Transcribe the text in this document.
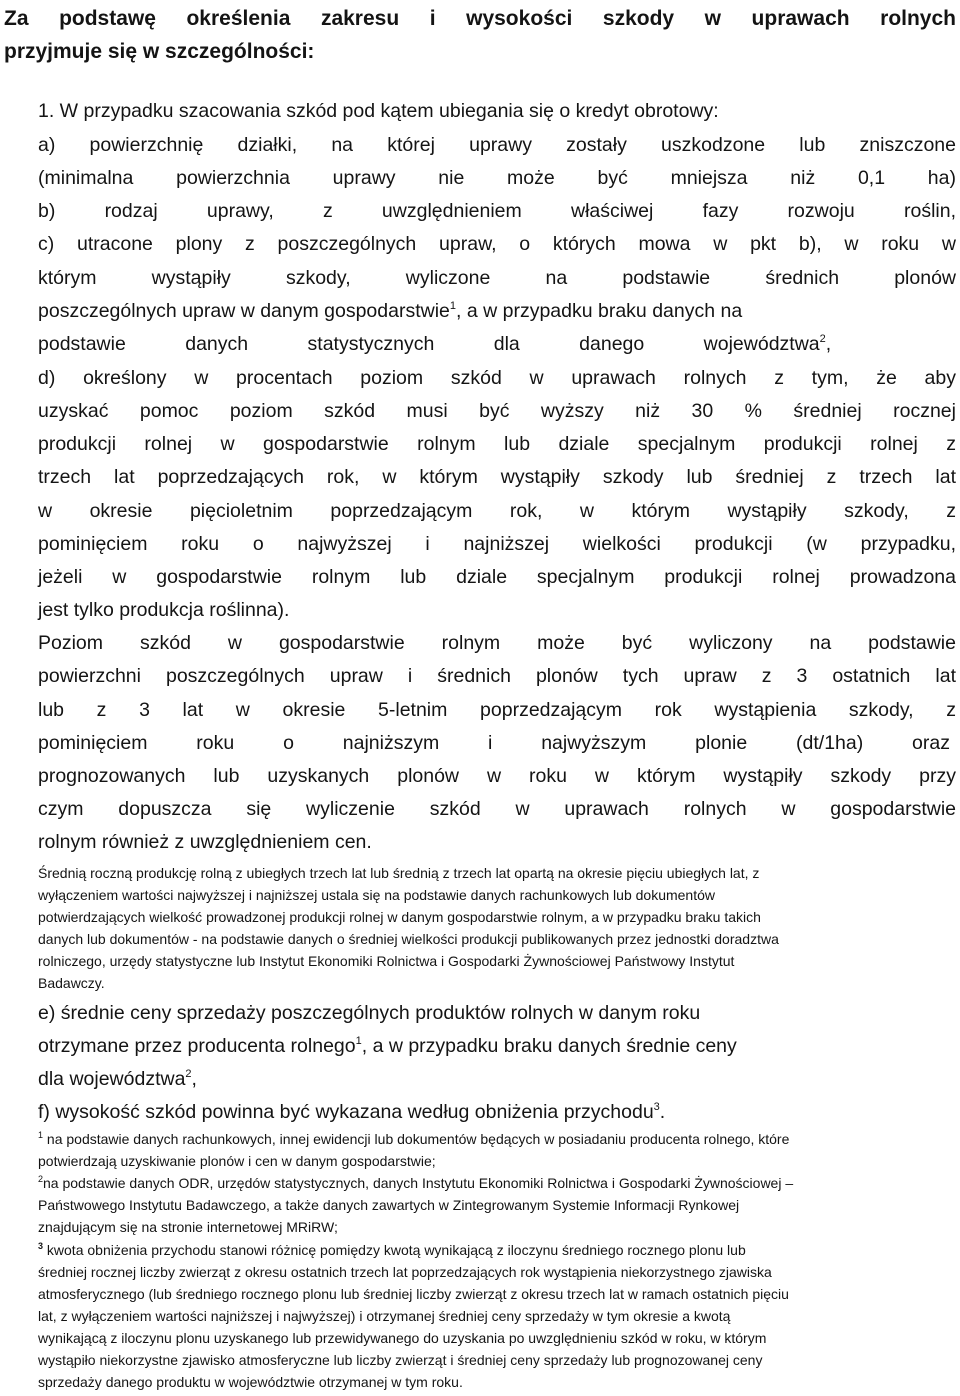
Za podstawę określenia zakresu i wysokości szkody w uprawach rolnych
przyjmuje się w szczególności:
1. W przypadku szacowania szkód pod kątem ubiegania się o kredyt obrotowy:
a) powierzchnię działki, na której uprawy zostały uszkodzone lub zniszczone
(minimalna powierzchnia uprawy nie może być mniejsza niż 0,1 ha)
b) rodzaj uprawy, z uwzględnieniem właściwej fazy rozwoju roślin,
c) utracone plony z poszczególnych upraw, o których mowa w pkt b), w roku w
którym wystąpiły szkody, wyliczone na podstawie średnich plonów
poszczególnych upraw w danym gospodarstwie$^1$, a w przypadku braku danych na
podstawie danych statystycznych dla danego województwa$^2$,
d) określony w procentach poziom szkód w uprawach rolnych z tym, że aby
uzyskać pomoc poziom szkód musi być wyższy niż 30 % średniej rocznej
produkcji rolnej w gospodarstwie rolnym lub dziale specjalnym produkcji rolnej z
trzech lat poprzedzających rok, w którym wystąpiły szkody lub średniej z trzech lat
w okresie pięcioletnim poprzedzającym rok, w którym wystąpiły szkody, z
pominięciem roku o najwyższej i najniższej wielkości produkcji (w przypadku,
jeżeli w gospodarstwie rolnym lub dziale specjalnym produkcji rolnej prowadzona
jest tylko produkcja roślinna).
Poziom szkód w gospodarstwie rolnym może być wyliczony na podstawie
powierzchni poszczególnych upraw i średnich plonów tych upraw z 3 ostatnich lat
lub z 3 lat w okresie 5-letnim poprzedzającym rok wystąpienia szkody, z
pominięciem roku o najniższym i najwyższym plonie (dt/1ha) oraz
prognozowanych lub uzyskanych plonów w roku w którym wystąpiły szkody przy
czym dopuszcza się wyliczenie szkód w uprawach rolnych w gospodarstwie
rolnym również z uwzględnieniem cen.
Średnią roczną produkcję rolną z ubiegłych trzech lat lub średnią z trzech lat opartą na okresie pięciu ubiegłych lat, z
wyłączeniem wartości najwyższej i najniższej ustala się na podstawie danych rachunkowych lub dokumentów
potwierdzających wielkość prowadzonej produkcji rolnej w danym gospodarstwie rolnym, a w przypadku braku takich
danych lub dokumentów - na podstawie danych o średniej wielkości produkcji publikowanych przez jednostki doradztwa
rolniczego, urzędy statystyczne lub Instytut Ekonomiki Rolnictwa i Gospodarki Żywnościowej Państwowy Instytut
Badawczy.
e) średnie ceny sprzedaży poszczególnych produktów rolnych w danym roku
otrzymane przez producenta rolnego$^1$, a w przypadku braku danych średnie ceny
dla województwa$^2$,
f) wysokość szkód powinna być wykazana według obniżenia przychodu$^3$.
$^1$ na podstawie danych rachunkowych, innej ewidencji lub dokumentów będących w posiadaniu producenta rolnego, które
potwierdzają uzyskiwanie plonów i cen w danym gospodarstwie;
$^2$na podstawie danych ODR, urzędów statystycznych, danych Instytutu Ekonomiki Rolnictwa i Gospodarki Żywnościowej –
Państwowego Instytutu Badawczego, a także danych zawartych w Zintegrowanym Systemie Informacji Rynkowej
znajdującym się na stronie internetowej MRiRW;
$^3$ kwota obniżenia przychodu stanowi różnicę pomiędzy kwotą wynikającą z iloczynu średniego rocznego plonu lub
średniej rocznej liczby zwierząt z okresu ostatnich trzech lat poprzedzających rok wystąpienia niekorzystnego zjawiska
atmosferycznego (lub średniego rocznego plonu lub średniej liczby zwierząt z okresu trzech lat w ramach ostatnich pięciu
lat, z wyłączeniem wartości najniższej i najwyższej) i otrzymanej średniej ceny sprzedaży w tym okresie a kwotą
wynikającą z iloczynu plonu uzyskanego lub przewidywanego do uzyskania po uwzględnieniu szkód w roku, w którym
wystąpiło niekorzystne zjawisko atmosferyczne lub liczby zwierząt i średniej ceny sprzedaży lub prognozowanej ceny
sprzedaży danego produktu w województwie otrzymanej w tym roku.
